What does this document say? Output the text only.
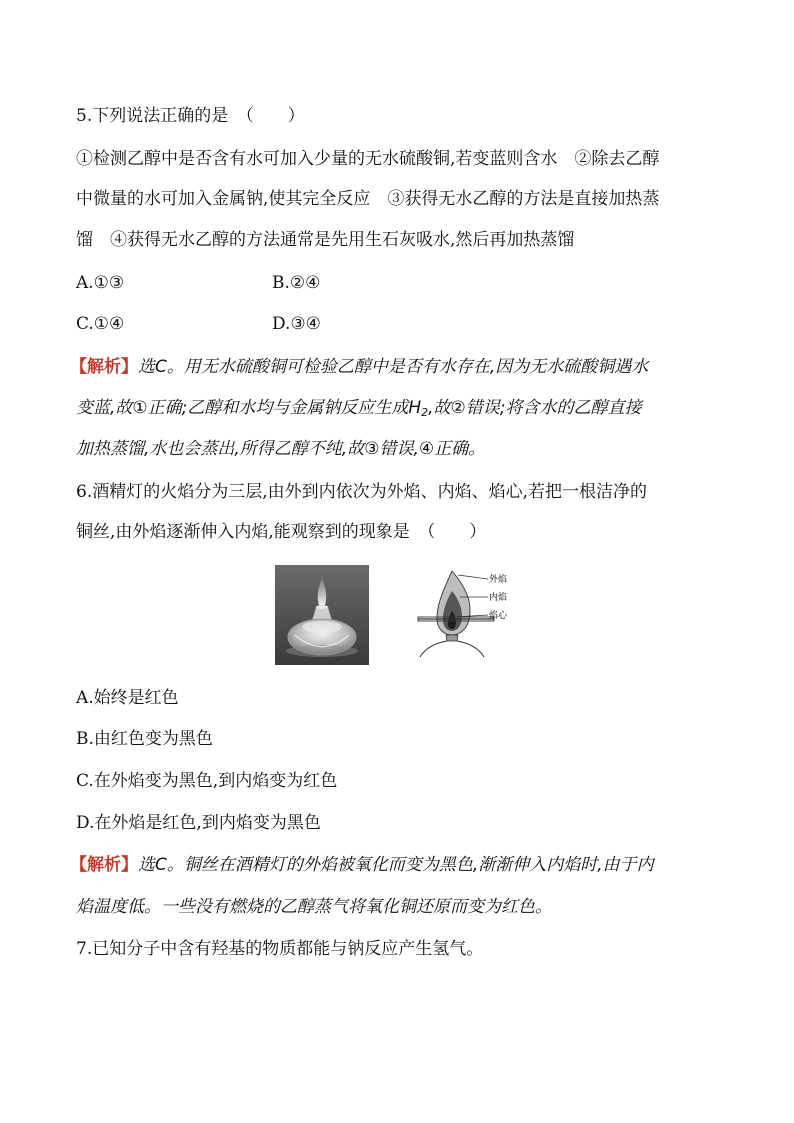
5.下列说法正确的是　（　　）
①检测乙醇中是否含有水可加入少量的无水硫酸铜,若变蓝则含水　②除去乙醇
中微量的水可加入金属钠,使其完全反应　③获得无水乙醇的方法是直接加热蒸
馏　④获得无水乙醇的方法通常是先用生石灰吸水,然后再加热蒸馏
A.①③	B.②④
C.①④	D.③④
【解析】选C。用无水硫酸铜可检验乙醇中是否有水存在,因为无水硫酸铜遇水
变蓝,故①正确;乙醇和水均与金属钠反应生成$H_2$,故②错误;将含水的乙醇直接
加热蒸馏,水也会蒸出,所得乙醇不纯,故③错误,④正确。
6.酒精灯的火焰分为三层,由外到内依次为外焰、内焰、焰心,若把一根洁净的
铜丝,由外焰逐渐伸入内焰,能观察到的现象是　（　　）
外焰
内焰
焰心
A.始终是红色
B.由红色变为黑色
C.在外焰变为黑色,到内焰变为红色
D.在外焰是红色,到内焰变为黑色
【解析】选C。铜丝在酒精灯的外焰被氧化而变为黑色,渐渐伸入内焰时,由于内
焰温度低。一些没有燃烧的乙醇蒸气将氧化铜还原而变为红色。
7.已知分子中含有羟基的物质都能与钠反应产生氢气。
